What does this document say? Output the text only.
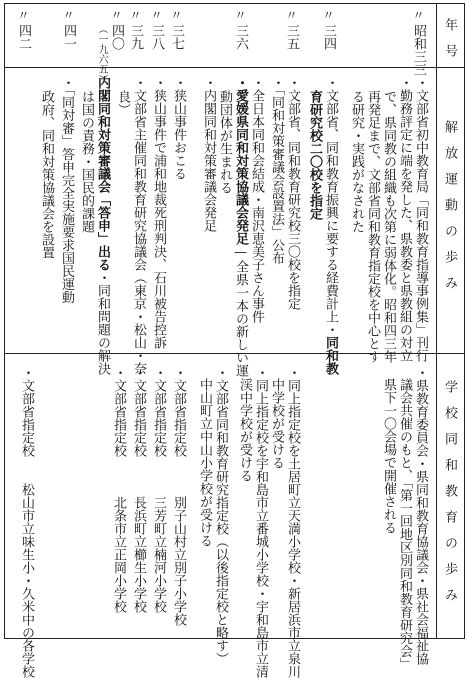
年　号
解　放　運　動　の　歩　み
学　校　同　和　教　育　の　歩　み
〃
昭和三三
〃
三四
〃
三五
〃
三六
〃
三七
〃
三八
〃
三九
〃
四〇
（一九六五）
〃
四一
〃
四二
・文部省初中教育局「同和教育指導事例集」刊行
・勤務評定に端を発した、県教委と県教組の対立
で、県同教の組織も次第に弱体化。昭和四三年
再発足まで、文部省同和教育指定校を中心とす
る研究・実践がなされた
・文部省、同和教育振興に要する経費計上・同和教
育研究校二〇校を指定
・文部省、同和教育研究校三〇校を指定
・「同和対策審議会設置法」公布
・全日本同和会結成・南沢恵美子さん事件
・愛媛県同和対策協議会発足—全県一本の新しい運
動団体が生まれる
・内閣同和対策審議会発足
・狭山事件おこる
・狭山事件で浦和地裁死刑判決、石川被告控訴
・文部省主催同和教育研究協議会（東京・松山・奈
良）
内閣同和対策審議会「答申」出る・同和問題の解決
は国の責務・国民的課題
・「同対審」答申完全実施要求国民運動
政府、同和対策協議会を設置
・県教育委員会・県同和教育協議会・県社会福祉協
議会共催のもと、「第一回地区別同和教育研究会」
県下一〇会場で開催される
・同上指定校を土居町立天満小学校・新居浜市立泉川
中学校が受ける
・同上指定校を宇和島市立番城小学校・宇和島市立清
渓中学校が受ける
・文部省同和教育研究指定校（以後指定校と略す）
中山町立中山小学校が受ける
・文部省指定校　　　別子山村立別子小学校
・文部省指定校　　　三芳町立楠河小学校
・文部省指定校　　　長浜町立櫛生小学校
・文部省指定校　　　北条市立正岡小学校
・文部省指定校　　松山市立味生小・久米中の各学校
